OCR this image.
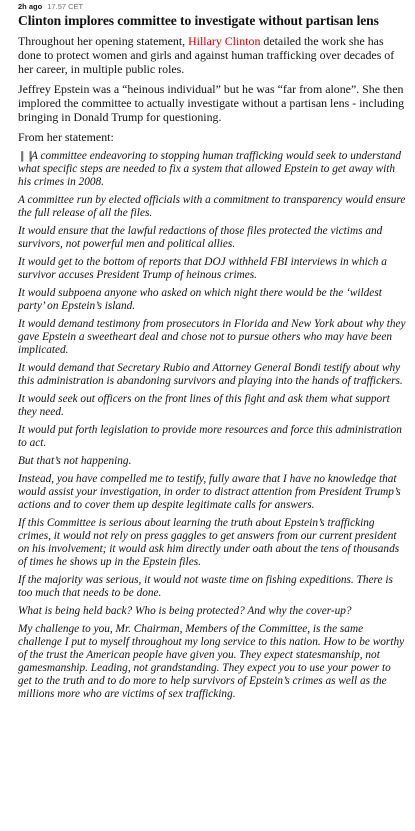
2h ago 17.57 CET
Clinton implores committee to investigate without partisan lens

Throughout her opening statement, Hillary Clinton detailed the work she has done to protect women and girls and against human trafficking over decades of her career, in multiple public roles.

Jeffrey Epstein was a “heinous individual” but he was “far from alone”. She then implored the committee to actually investigate without a partisan lens - including bringing in Donald Trump for questioning.

From her statement:

❙❙A committee endeavoring to stopping human trafficking would seek to understand what specific steps are needed to fix a system that allowed Epstein to get away with his crimes in 2008.

A committee run by elected officials with a commitment to transparency would ensure the full release of all the files.

It would ensure that the lawful redactions of those files protected the victims and survivors, not powerful men and political allies.

It would get to the bottom of reports that DOJ withheld FBI interviews in which a survivor accuses President Trump of heinous crimes.

It would subpoena anyone who asked on which night there would be the ‘wildest party’ on Epstein’s island.

It would demand testimony from prosecutors in Florida and New York about why they gave Epstein a sweetheart deal and chose not to pursue others who may have been implicated.

It would demand that Secretary Rubio and Attorney General Bondi testify about why this administration is abandoning survivors and playing into the hands of traffickers.

It would seek out officers on the front lines of this fight and ask them what support they need.

It would put forth legislation to provide more resources and force this administration to act.

But that’s not happening.

Instead, you have compelled me to testify, fully aware that I have no knowledge that would assist your investigation, in order to distract attention from President Trump’s actions and to cover them up despite legitimate calls for answers.

If this Committee is serious about learning the truth about Epstein’s trafficking crimes, it would not rely on press gaggles to get answers from our current president on his involvement; it would ask him directly under oath about the tens of thousands of times he shows up in the Epstein files.

If the majority was serious, it would not waste time on fishing expeditions. There is too much that needs to be done.

What is being held back? Who is being protected? And why the cover-up?

My challenge to you, Mr. Chairman, Members of the Committee, is the same challenge I put to myself throughout my long service to this nation. How to be worthy of the trust the American people have given you. They expect statesmanship, not gamesmanship. Leading, not grandstanding. They expect you to use your power to get to the truth and to do more to help survivors of Epstein’s crimes as well as the millions more who are victims of sex trafficking.
